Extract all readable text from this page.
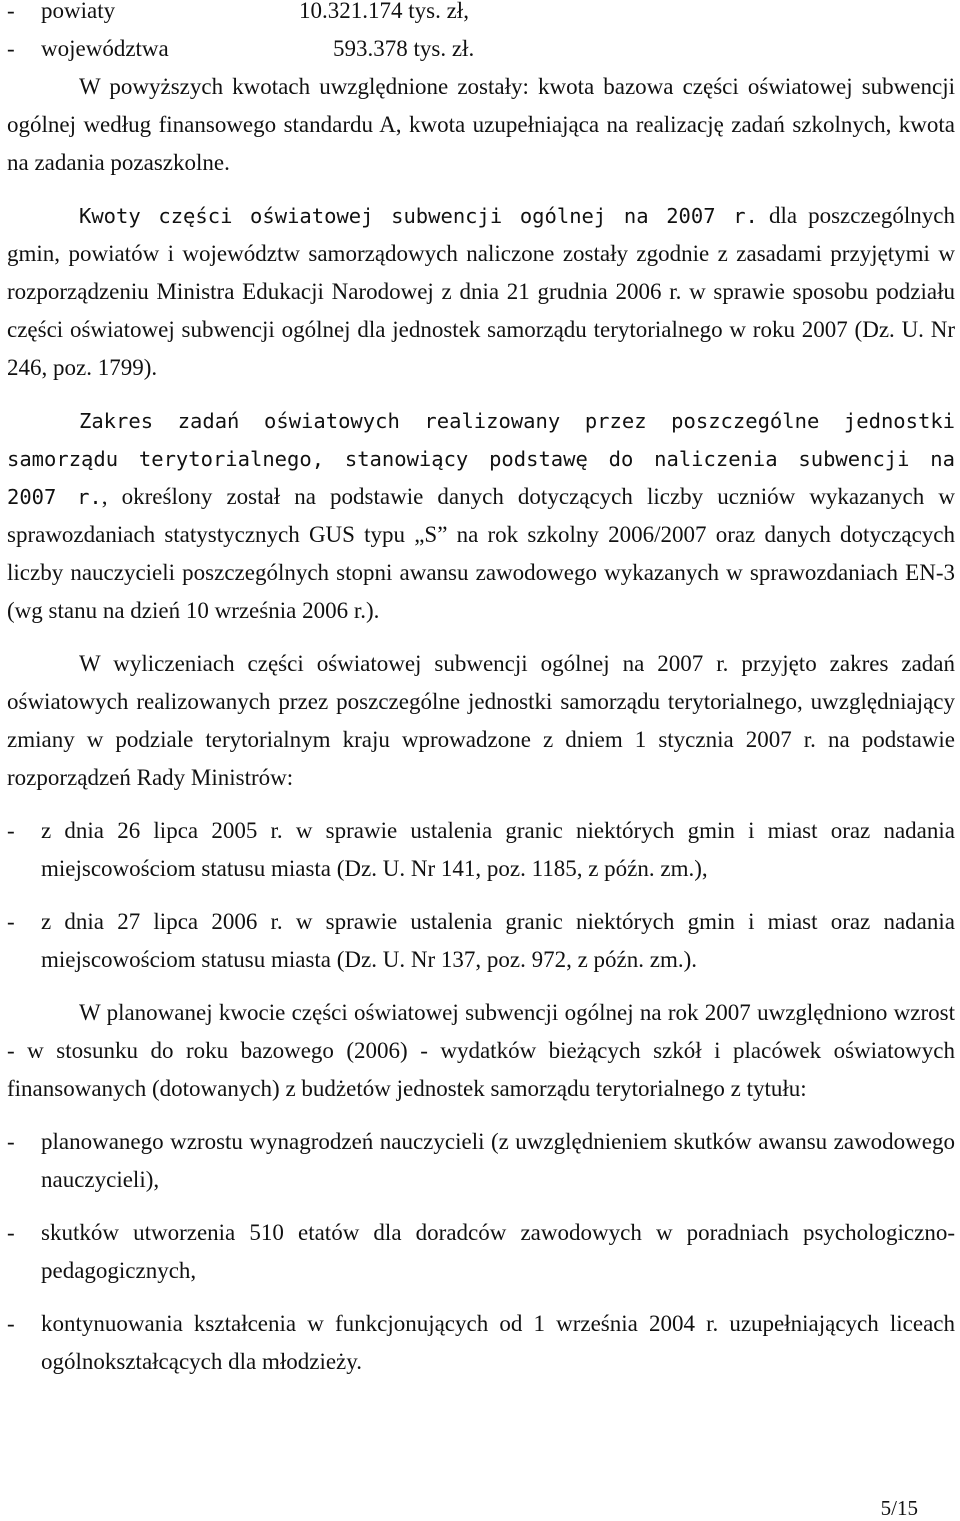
-	powiaty	10.321.174 tys. zł,
-	województwa	593.378 tys. zł.

W powyższych kwotach uwzględnione zostały: kwota bazowa części oświatowej subwencji ogólnej według finansowego standardu A, kwota uzupełniająca na realizację zadań szkolnych, kwota na zadania pozaszkolne.

Kwoty części oświatowej subwencji ogólnej na 2007 r. dla poszczególnych gmin, powiatów i województw samorządowych naliczone zostały zgodnie z zasadami przyjętymi w rozporządzeniu Ministra Edukacji Narodowej z dnia 21 grudnia 2006 r. w sprawie sposobu podziału części oświatowej subwencji ogólnej dla jednostek samorządu terytorialnego w roku 2007 (Dz. U. Nr 246, poz. 1799).

Zakres zadań oświatowych realizowany przez poszczególne jednostki samorządu terytorialnego, stanowiący podstawę do naliczenia subwencji na 2007 r., określony został na podstawie danych dotyczących liczby uczniów wykazanych w sprawozdaniach statystycznych GUS typu „S” na rok szkolny 2006/2007 oraz danych dotyczących liczby nauczycieli poszczególnych stopni awansu zawodowego wykazanych w sprawozdaniach EN-3 (wg stanu na dzień 10 września 2006 r.).

W wyliczeniach części oświatowej subwencji ogólnej na 2007 r. przyjęto zakres zadań oświatowych realizowanych przez poszczególne jednostki samorządu terytorialnego, uwzględniający zmiany w podziale terytorialnym kraju wprowadzone z dniem 1 stycznia 2007 r. na podstawie rozporządzeń Rady Ministrów:

-	z dnia 26 lipca 2005 r. w sprawie ustalenia granic niektórych gmin i miast oraz nadania miejscowościom statusu miasta (Dz. U. Nr 141, poz. 1185, z późn. zm.),
-	z dnia 27 lipca 2006 r. w sprawie ustalenia granic niektórych gmin i miast oraz nadania miejscowościom statusu miasta (Dz. U. Nr 137, poz. 972, z późn. zm.).

W planowanej kwocie części oświatowej subwencji ogólnej na rok 2007 uwzględniono wzrost - w stosunku do roku bazowego (2006) - wydatków bieżących szkół i placówek oświatowych finansowanych (dotowanych) z budżetów jednostek samorządu terytorialnego z tytułu:

-	planowanego wzrostu wynagrodzeń nauczycieli (z uwzględnieniem skutków awansu zawodowego nauczycieli),
-	skutków utworzenia 510 etatów dla doradców zawodowych w poradniach psychologiczno-pedagogicznych,
-	kontynuowania kształcenia w funkcjonujących od 1 września 2004 r. uzupełniających liceach ogólnokształcących dla młodzieży.
5/15
